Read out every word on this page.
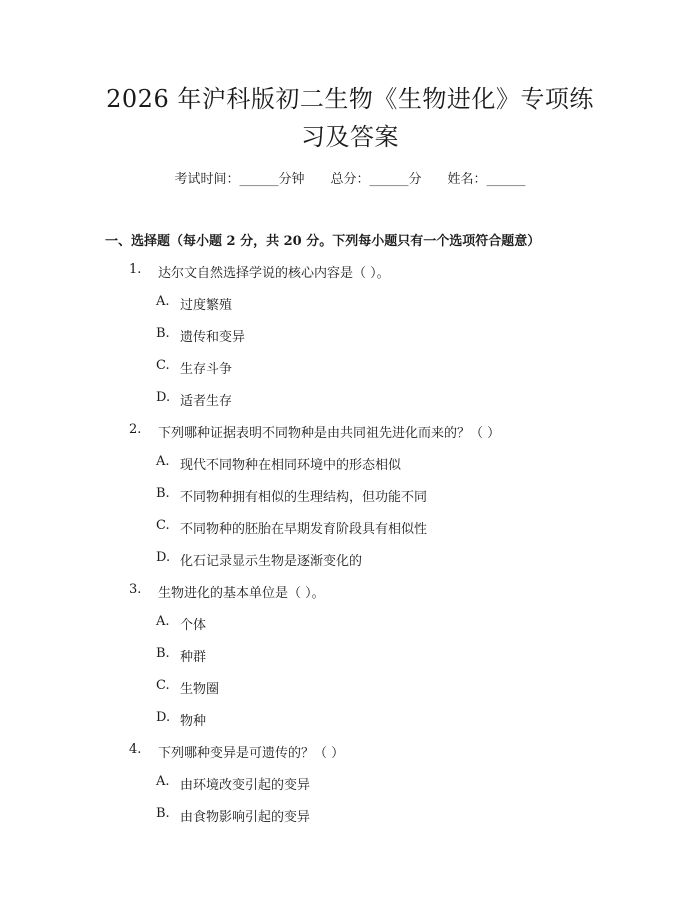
2026 年沪科版初二生物《生物进化》专项练
习及答案
考试时间：______分钟 总分：______分 姓名：______
一、选择题（每小题 2 分，共 20 分。下列每小题只有一个选项符合题意）
1. 达尔文自然选择学说的核心内容是（ ）。
A. 过度繁殖
B. 遗传和变异
C. 生存斗争
D. 适者生存
2. 下列哪种证据表明不同物种是由共同祖先进化而来的？（ ）
A. 现代不同物种在相同环境中的形态相似
B. 不同物种拥有相似的生理结构，但功能不同
C. 不同物种的胚胎在早期发育阶段具有相似性
D. 化石记录显示生物是逐渐变化的
3. 生物进化的基本单位是（ ）。
A. 个体
B. 种群
C. 生物圈
D. 物种
4. 下列哪种变异是可遗传的？（ ）
A. 由环境改变引起的变异
B. 由食物影响引起的变异
